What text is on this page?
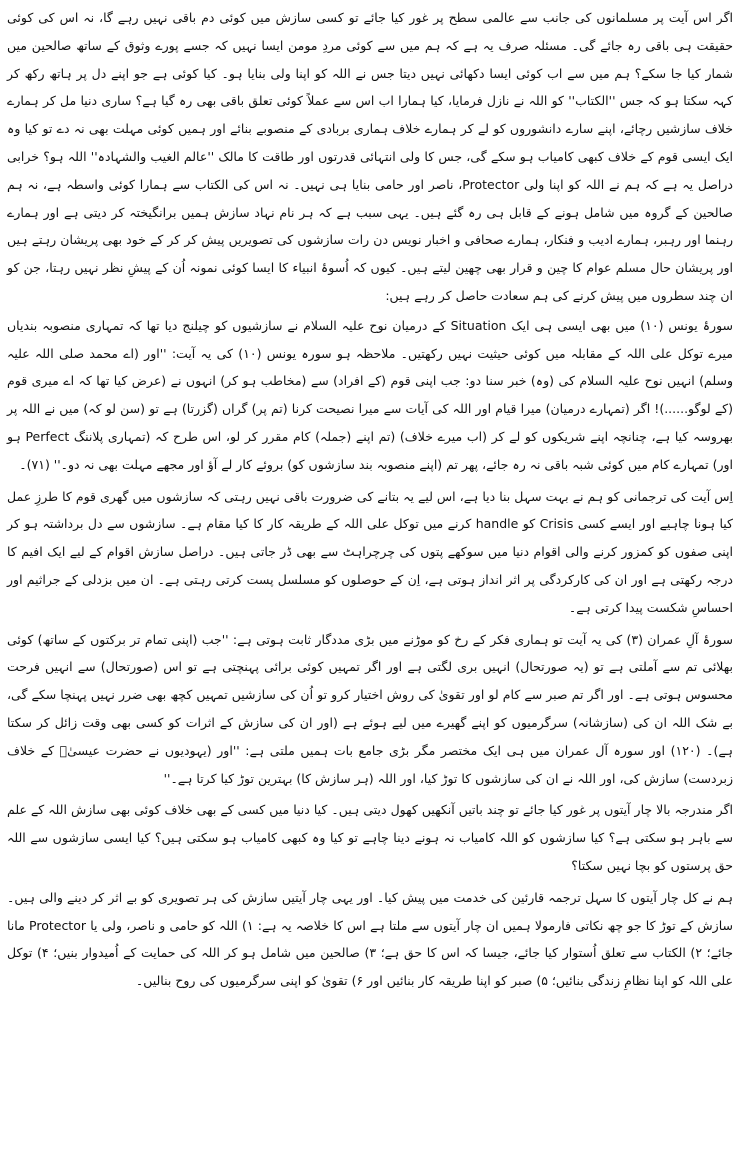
اگر اس آیت پر مسلمانوں کی جانب سے عالمی سطح پر غور کیا جائے تو کسی سازش میں کوئی دم باقی نہیں رہے گا، نہ اس کی کوئی حقیقت ہی باقی رہ جائے گی۔ مسئلہ صرف یہ ہے کہ ہم میں سے کوئی مردِ مومن ایسا نہیں کہ جسے پورے وثوق کے ساتھ صالحین میں شمار کیا جا سکے؟ ہم میں سے اب کوئی ایسا دکھائی نہیں دیتا جس نے اللہ کو اپنا ولی بنایا ہو۔ کیا کوئی ہے جو اپنے دل پر ہاتھ رکھ کر کہہ سکتا ہو کہ جس ''الکتاب'' کو اللہ نے نازل فرمایا، کیا ہمارا اب اس سے عملاً کوئی تعلق باقی بھی رہ گیا ہے؟ ساری دنیا مل کر ہمارے خلاف سازشیں رچائے، اپنے سارے دانشوروں کو لے کر ہمارے خلاف ہماری بربادی کے منصوبے بنائے اور ہمیں کوئی مہلت بھی نہ دے تو کیا وہ ایک ایسی قوم کے خلاف کبھی کامیاب ہو سکے گی، جس کا ولی انتہائی قدرتوں اور طاقت کا مالک ''عالم الغیب والشہادہ'' اللہ ہو؟ خرابی دراصل یہ ہے کہ ہم نے اللہ کو اپنا ولی Protector، ناصر اور حامی بنایا ہی نہیں۔ نہ اس کی الکتاب سے ہمارا کوئی واسطہ ہے، نہ ہم صالحین کے گروہ میں شامل ہونے کے قابل ہی رہ گئے ہیں۔ یہی سبب ہے کہ ہر نام نہاد سازش ہمیں برانگیختہ کر دیتی ہے اور ہمارے رہنما اور رہبر، ہمارے ادیب و فنکار، ہمارے صحافی و اخبار نویس دن رات سازشوں کی تصویریں پیش کر کر کے خود بھی پریشان رہتے ہیں اور پریشان حال مسلم عوام کا چین و قرار بھی چھین لیتے ہیں۔ کیوں کہ اُسوۂ انبیاء کا ایسا کوئی نمونہ اُن کے پیشِ نظر نہیں رہتا، جن کو ان چند سطروں میں پیش کرنے کی ہم سعادت حاصل کر رہے ہیں:

سورۂ یونس (۱۰) میں بھی ایسی ہی ایک Situation کے درمیان نوح علیہ السلام نے سازشیوں کو چیلنج دیا تھا کہ تمہاری منصوبہ بندیاں میرے توکل علی اللہ کے مقابلہ میں کوئی حیثیت نہیں رکھتیں۔ ملاحظہ ہو سورہ یونس (۱۰) کی یہ آیت: ''اور (اے محمد صلی اللہ علیہ وسلم) انہیں نوح علیہ السلام کی (وہ) خبر سنا دو: جب اپنی قوم (کے افراد) سے (مخاطب ہو کر) انہوں نے (عرض کیا تھا کہ اے میری قوم (کے لوگو......)! اگر (تمہارے درمیان) میرا قیام اور اللہ کی آیات سے میرا نصیحت کرنا (تم پر) گراں (گزرتا) ہے تو (سن لو کہ) میں نے اللہ پر بھروسہ کیا ہے، چنانچہ اپنے شریکوں کو لے کر (اب میرے خلاف) (تم اپنے (جملہ) کام مقرر کر لو، اس طرح کہ (تمہاری پلاننگ Perfect ہو اور) تمہارے کام میں کوئی شبہ باقی نہ رہ جائے، پھر تم (اپنے منصوبہ بند سازشوں کو) بروئے کار لے آؤ اور مجھے مہلت بھی نہ دو۔'' (۷۱)۔

اِس آیت کی ترجمانی کو ہم نے بہت سہل بنا دیا ہے، اس لیے یہ بتانے کی ضرورت باقی نہیں رہتی کہ سازشوں میں گھری قوم کا طرزِ عمل کیا ہونا چاہیے اور ایسے کسی Crisis کو handle کرنے میں توکل علی اللہ کے طریقہ کار کا کیا مقام ہے۔ سازشوں سے دل برداشتہ ہو کر اپنی صفوں کو کمزور کرنے والی اقوام دنیا میں سوکھے پتوں کی چرچراہٹ سے بھی ڈر جاتی ہیں۔ دراصل سازش اقوام کے لیے ایک افیم کا درجہ رکھتی ہے اور ان کی کارکردگی پر اثر انداز ہوتی ہے، اِن کے حوصلوں کو مسلسل پست کرتی رہتی ہے۔ ان میں بزدلی کے جراثیم اور احساسِ شکست پیدا کرتی ہے۔

سورۂ آلِ عمران (۳) کی یہ آیت تو ہماری فکر کے رخ کو موڑنے میں بڑی مددگار ثابت ہوتی ہے: ''جب (اپنی تمام تر برکتوں کے ساتھ) کوئی بھلائی تم سے آملتی ہے تو (یہ صورتحال) انہیں بری لگتی ہے اور اگر تمہیں کوئی برائی پہنچتی ہے تو اس (صورتحال) سے انہیں فرحت محسوس ہوتی ہے۔ اور اگر تم صبر سے کام لو اور تقویٰ کی روش اختیار کرو تو اُن کی سازشیں تمہیں کچھ بھی ضرر نہیں پہنچا سکے گی، بے شک اللہ ان کی (سازشانہ) سرگرمیوں کو اپنے گھیرے میں لیے ہوئے ہے (اور ان کی سازش کے اثرات کو کسی بھی وقت زائل کر سکتا ہے)۔ (۱۲۰) اور سورہ آل عمران میں ہی ایک مختصر مگر بڑی جامع بات ہمیں ملتی ہے: ''اور (یہودیوں نے حضرت عیسیٰؑ کے خلاف زبردست) سازش کی، اور اللہ نے ان کی سازشوں کا توڑ کیا، اور اللہ (ہر سازش کا) بہترین توڑ کیا کرتا ہے۔''

اگر مندرجہ بالا چار آیتوں پر غور کیا جائے تو چند باتیں آنکھیں کھول دیتی ہیں۔ کیا دنیا میں کسی کے بھی خلاف کوئی بھی سازش اللہ کے علم سے باہر ہو سکتی ہے؟ کیا سازشوں کو اللہ کامیاب نہ ہونے دینا چاہے تو کیا وہ کبھی کامیاب ہو سکتی ہیں؟ کیا ایسی سازشوں سے اللہ حق پرستوں کو بچا نہیں سکتا؟

ہم نے کل چار آیتوں کا سہل ترجمہ قارئین کی خدمت میں پیش کیا۔ اور یہی چار آیتیں سازش کی ہر تصویری کو بے اثر کر دینے والی ہیں۔ سازش کے توڑ کا جو چھ نکاتی فارمولا ہمیں ان چار آیتوں سے ملتا ہے اس کا خلاصہ یہ ہے: ۱) اللہ کو حامی و ناصر، ولی یا Protector مانا جائے؛ ۲) الکتاب سے تعلق اُستوار کیا جائے، جیسا کہ اس کا حق ہے؛ ۳) صالحین میں شامل ہو کر اللہ کی حمایت کے اُمیدوار بنیں؛ ۴) توکل علی اللہ کو اپنا نظامِ زندگی بنائیں؛ ۵) صبر کو اپنا طریقہ کار بنائیں اور ۶) تقویٰ کو اپنی سرگرمیوں کی روح بنالیں۔
